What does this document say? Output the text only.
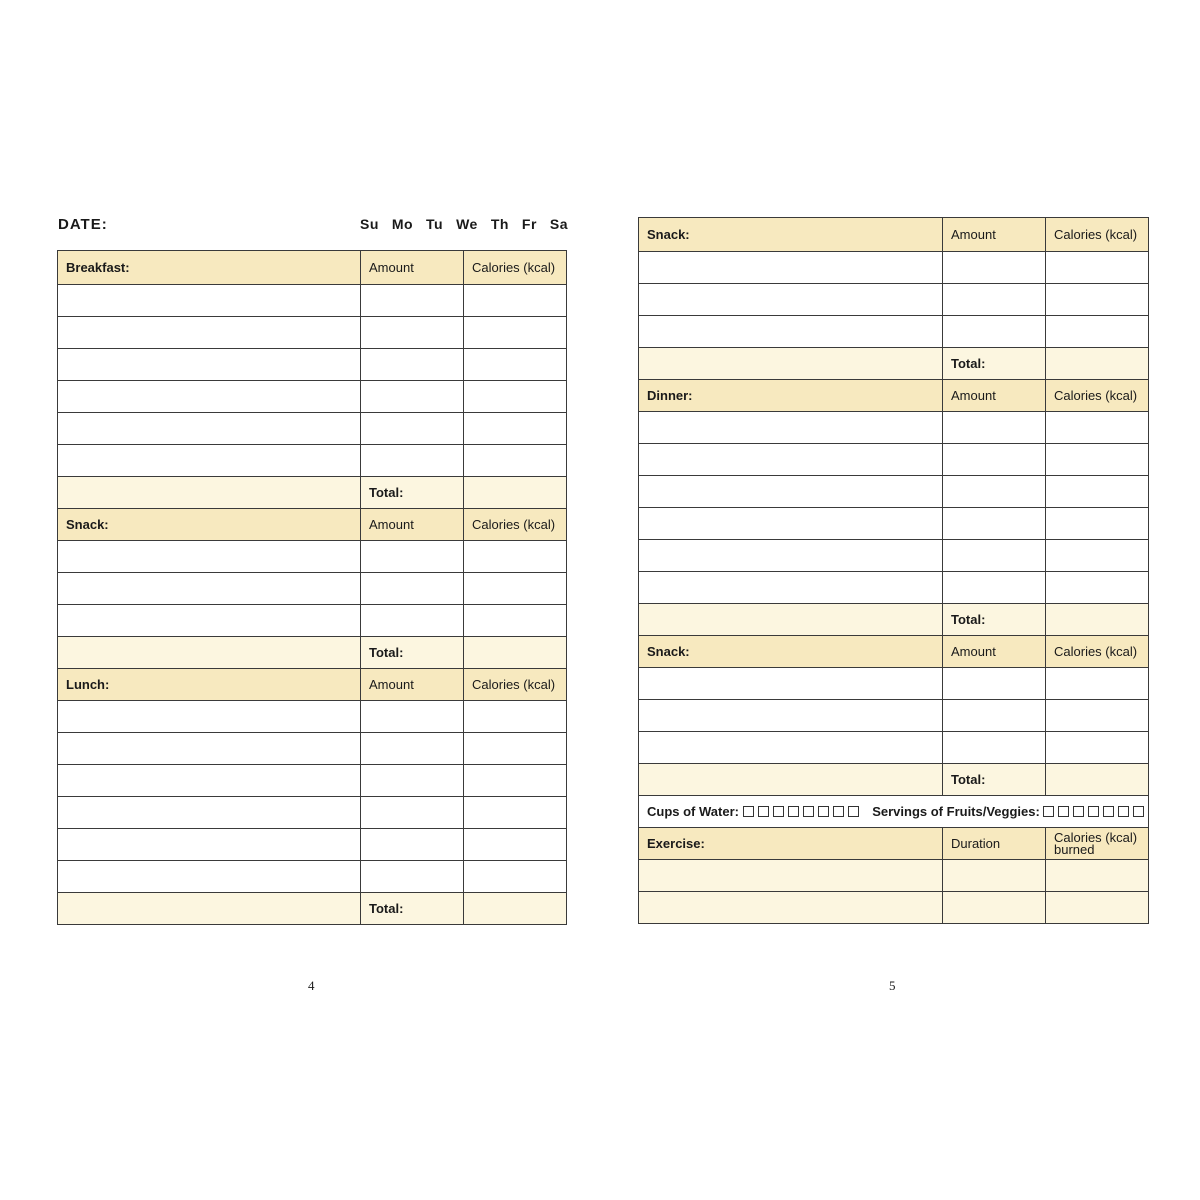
DATE:	Su Mo Tu We Th Fr Sa
Breakfast:	Amount	Calories (kcal)

	Total:	
Snack:	Amount	Calories (kcal)

	Total:	
Lunch:	Amount	Calories (kcal)

	Total:	
Snack:	Amount	Calories (kcal)

	Total:	
Dinner:	Amount	Calories (kcal)

	Total:	
Snack:	Amount	Calories (kcal)

	Total:	
Cups of Water: Servings of Fruits/Veggies:		
Exercise:	Duration	Calories (kcal)
burned

4	5
